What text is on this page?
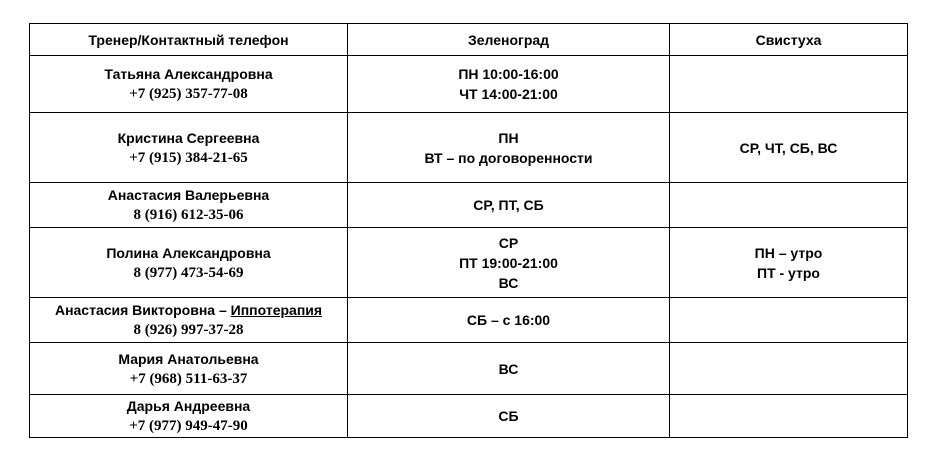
Тренер/Контактный телефон	Зеленоград	Свистуха

Татьяна Александровна
+7 (925) 357-77-08	ПН 10:00-16:00
ЧТ 14:00-21:00	

Кристина Сергеевна
+7 (915) 384-21-65	ПН
ВТ – по договоренности	СР, ЧТ, СБ, ВС

Анастасия Валерьевна
8 (916) 612-35-06	СР, ПТ, СБ	

Полина Александровна
8 (977) 473-54-69	СР
ПТ 19:00-21:00
ВС	ПН – утро
ПТ - утро

Анастасия Викторовна – Иппотерапия
8 (926) 997-37-28	СБ – с 16:00	

Мария Анатольевна
+7 (968) 511-63-37	ВС	

Дарья Андреевна
+7 (977) 949-47-90	СБ	
